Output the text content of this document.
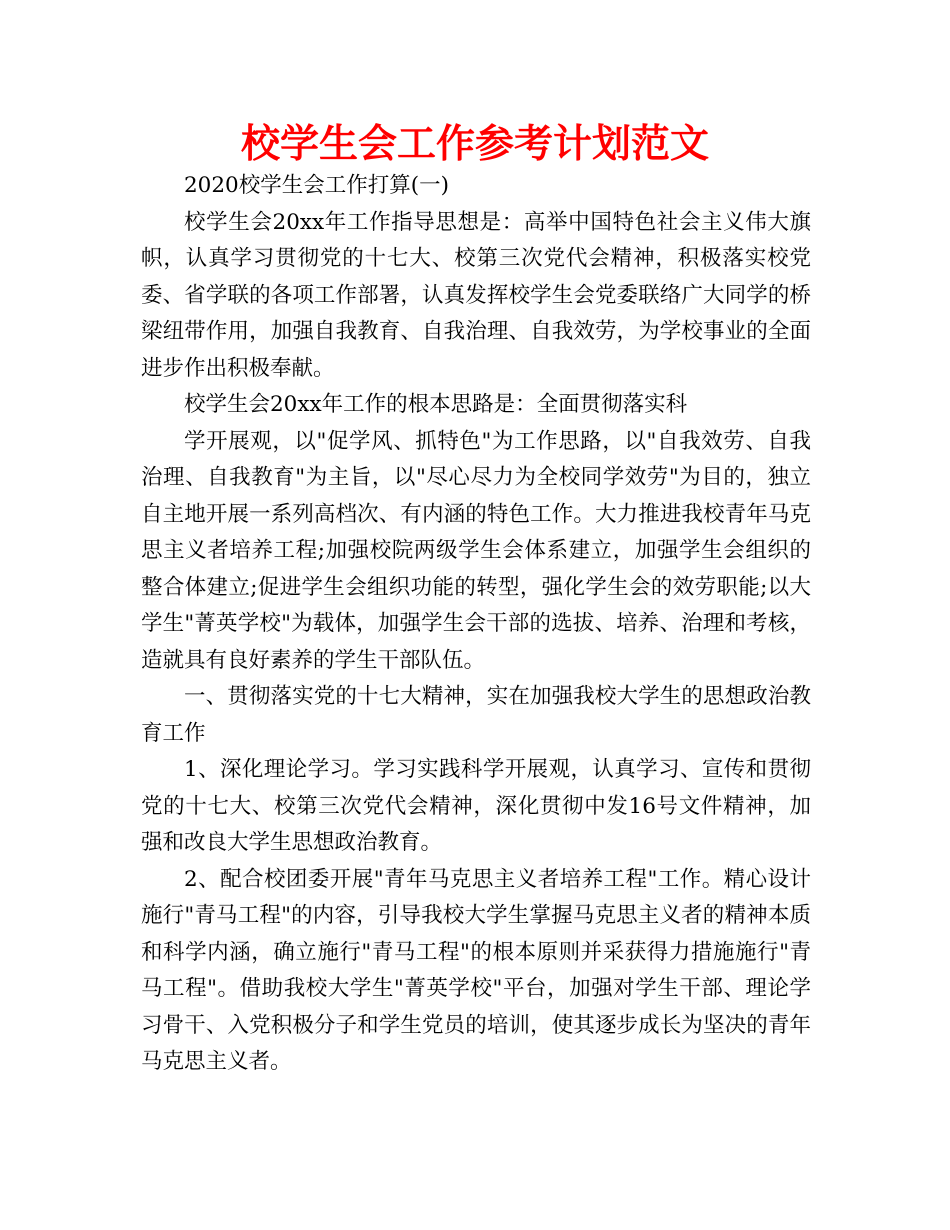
校学生会工作参考计划范文

2020校学生会工作打算(一)

校学生会20xx年工作指导思想是：高举中国特色社会主义伟大旗帜，认真学习贯彻党的十七大、校第三次党代会精神，积极落实校党委、省学联的各项工作部署，认真发挥校学生会党委联络广大同学的桥梁纽带作用，加强自我教育、自我治理、自我效劳，为学校事业的全面进步作出积极奉献。

校学生会20xx年工作的根本思路是：全面贯彻落实科

学开展观，以"促学风、抓特色"为工作思路，以"自我效劳、自我治理、自我教育"为主旨，以"尽心尽力为全校同学效劳"为目的，独立自主地开展一系列高档次、有内涵的特色工作。大力推进我校青年马克思主义者培养工程;加强校院两级学生会体系建立，加强学生会组织的整合体建立;促进学生会组织功能的转型，强化学生会的效劳职能;以大学生"菁英学校"为载体，加强学生会干部的选拔、培养、治理和考核，造就具有良好素养的学生干部队伍。

一、贯彻落实党的十七大精神，实在加强我校大学生的思想政治教育工作

1、深化理论学习。学习实践科学开展观，认真学习、宣传和贯彻党的十七大、校第三次党代会精神，深化贯彻中发16号文件精神，加强和改良大学生思想政治教育。

2、配合校团委开展"青年马克思主义者培养工程"工作。精心设计施行"青马工程"的内容，引导我校大学生掌握马克思主义者的精神本质和科学内涵，确立施行"青马工程"的根本原则并采获得力措施施行"青马工程"。借助我校大学生"菁英学校"平台，加强对学生干部、理论学习骨干、入党积极分子和学生党员的培训，使其逐步成长为坚决的青年马克思主义者。
